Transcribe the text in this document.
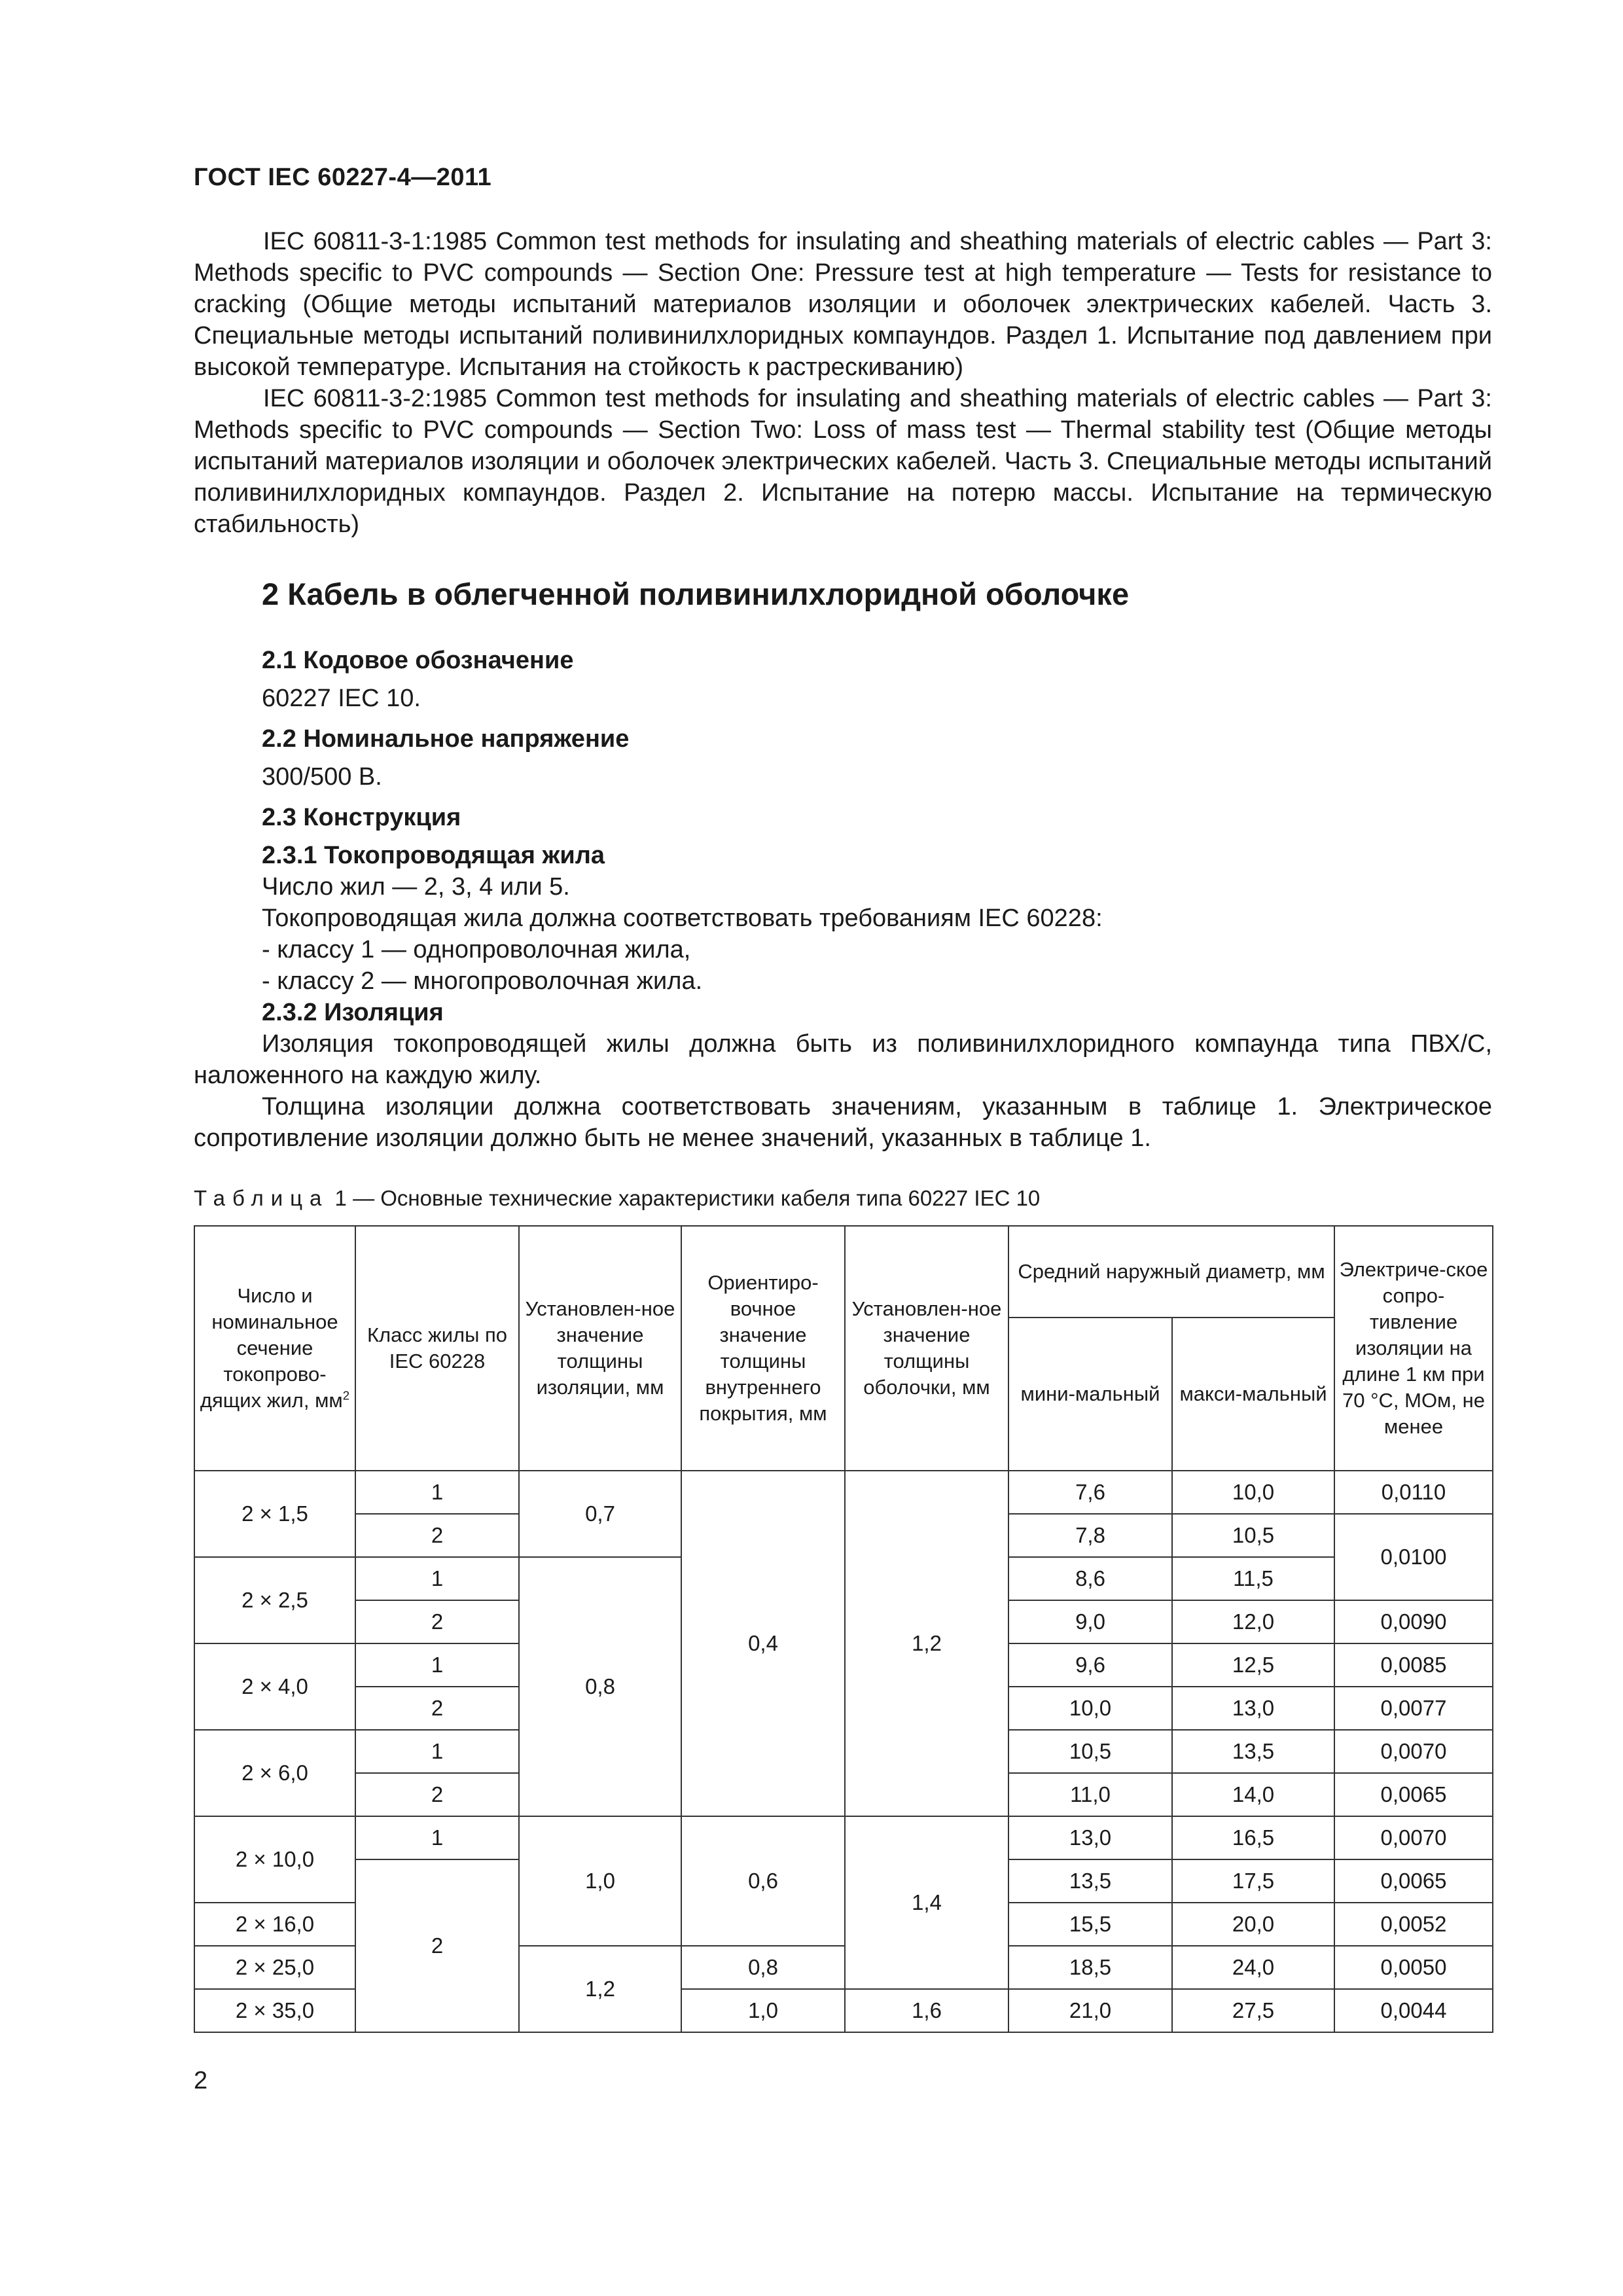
ГОСТ IEC 60227-4—2011

IEC 60811-3-1:1985 Common test methods for insulating and sheathing materials of electric cables — Part 3: Methods specific to PVC compounds — Section One: Pressure test at high temperature — Tests for resistance to cracking (Общие методы испытаний материалов изоляции и оболочек электрических кабелей. Часть 3. Специальные методы испытаний поливинилхлоридных компаундов. Раздел 1. Испытание под давлением при высокой температуре. Испытания на стойкость к растрескиванию)

IEC 60811-3-2:1985 Common test methods for insulating and sheathing materials of electric cables — Part 3: Methods specific to PVC compounds — Section Two: Loss of mass test — Thermal stability test (Общие методы испытаний материалов изоляции и оболочек электрических кабелей. Часть 3. Специальные методы испытаний поливинилхлоридных компаундов. Раздел 2. Испытание на потерю массы. Испытание на термическую стабильность)

2 Кабель в облегченной поливинилхлоридной оболочке

2.1 Кодовое обозначение

60227 IEC 10.

2.2 Номинальное напряжение

300/500 В.

2.3 Конструкция

2.3.1 Токопроводящая жила

Число жил — 2, 3, 4 или 5.

Токопроводящая жила должна соответствовать требованиям IEC 60228:

- классу 1 — однопроволочная жила,

- классу 2 — многопроволочная жила.

2.3.2 Изоляция

Изоляция токопроводящей жилы должна быть из поливинилхлоридного компаунда типа ПВХ/С, наложенного на каждую жилу.

Толщина изоляции должна соответствовать значениям, указанным в таблице 1. Электрическое сопротивление изоляции должно быть не менее значений, указанных в таблице 1.

Таблица 1 — Основные технические характеристики кабеля типа 60227 IEC 10
Число и номинальное сечение токопрово-дящих жил, $мм^2$	Класс жилы по IEC 60228	Установлен-ное значение толщины изоляции, мм	Ориентиро-вочное значение толщины внутреннего покрытия, мм	Установлен-ное значение толщины оболочки, мм	Средний наружный диаметр, мм		Электриче-ское сопро-тивление изоляции на длине 1 км при 70 °С, МОм, не менее
					мини-мальный	макси-мальный	
2 × 1,5	1	0,7	0,4	1,2	7,6	10,0	0,0110
	2				7,8	10,5	0,0100
2 × 2,5	1	0,8			8,6	11,5	
	2				9,0	12,0	0,0090
2 × 4,0	1				9,6	12,5	0,0085
	2				10,0	13,0	0,0077
2 × 6,0	1				10,5	13,5	0,0070
	2				11,0	14,0	0,0065
2 × 10,0	1	1,0	0,6	1,4	13,0	16,5	0,0070
	2				13,5	17,5	0,0065
2 × 16,0					15,5	20,0	0,0052
2 × 25,0		1,2	0,8		18,5	24,0	0,0050
2 × 35,0			1,0	1,6	21,0	27,5	0,0044
2
